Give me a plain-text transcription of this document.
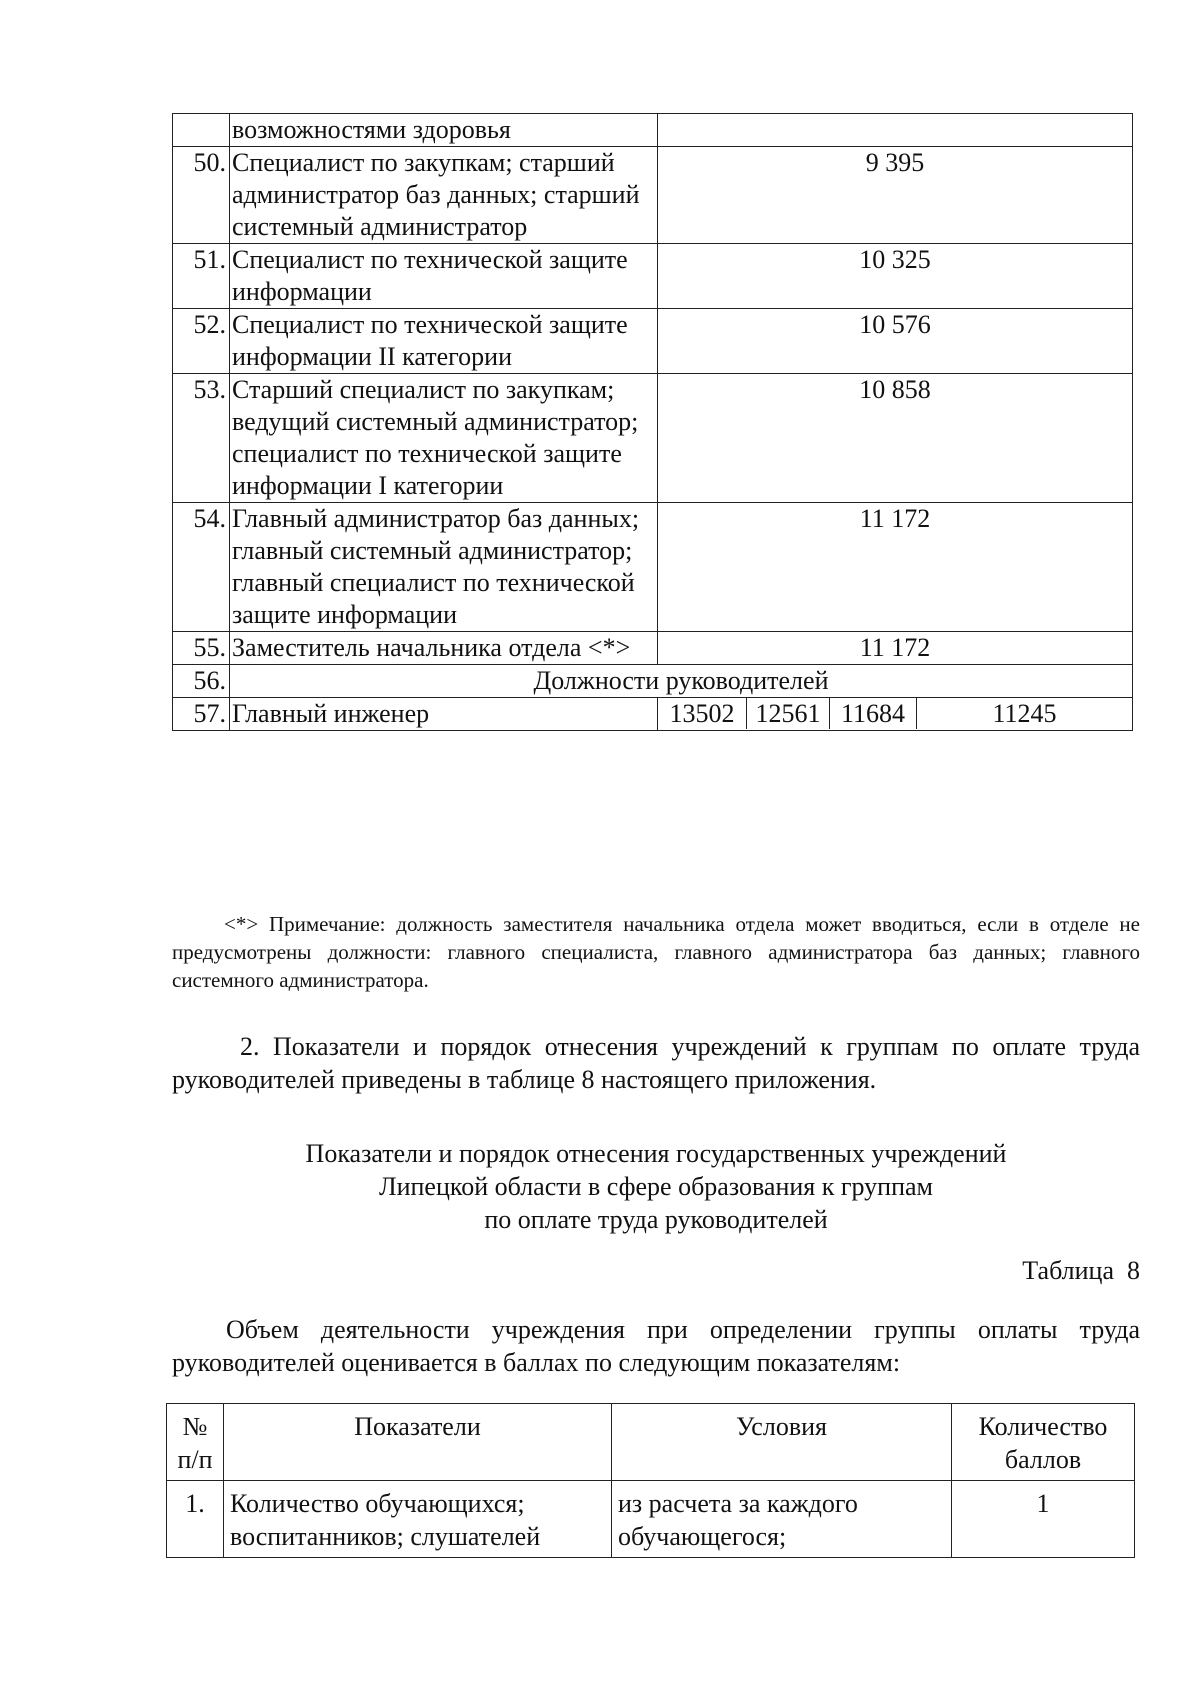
	возможностями здоровья	
50.	Специалист по закупкам; старший администратор баз данных; старший системный администратор	9 395
51.	Специалист по технической защите информации	10 325
52.	Специалист по технической защите информации II категории	10 576
53.	Старший специалист по закупкам; ведущий системный администратор; специалист по технической защите информации I категории	10 858
54.	Главный администратор баз данных; главный системный администратор; главный специалист по технической защите информации	11 172
55.	Заместитель начальника отдела <*>	11 172
56.	Должности руководителей	
57.	Главный инженер	13502 12561 11684 11245
<*> Примечание: должность заместителя начальника отдела может вводиться, если в отделе не предусмотрены должности: главного специалиста, главного администратора баз данных; главного системного администратора.
2. Показатели и порядок отнесения учреждений к группам по оплате труда руководителей приведены в таблице 8 настоящего приложения.
Показатели и порядок отнесения государственных учреждений
Липецкой области в сфере образования к группам
по оплате труда руководителей
Таблица  8
Объем деятельности учреждения при определении группы оплаты труда руководителей оценивается в баллах по следующим показателям:
№ п/п	Показатели	Условия	Количество баллов
1.	Количество обучающихся; воспитанников; слушателей	из расчета за каждого обучающегося;	1
